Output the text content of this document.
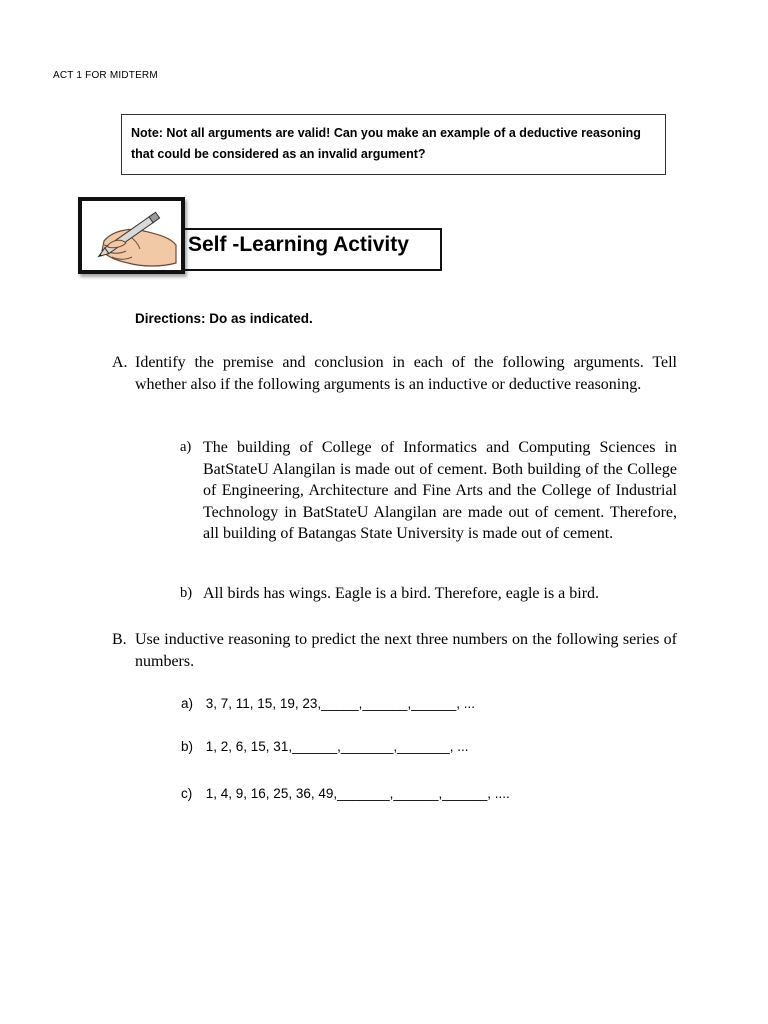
ACT 1 FOR MIDTERM
Note: Not all arguments are valid! Can you make an example of a deductive reasoning
that could be considered as an invalid argument?
Self -Learning Activity
Directions: Do as indicated.
A. Identify the premise and conclusion in each of the following arguments. Tell whether also if the following arguments is an inductive or deductive reasoning.
a) The building of College of Informatics and Computing Sciences in BatStateU Alangilan is made out of cement. Both building of the College of Engineering, Architecture and Fine Arts and the College of Industrial Technology in BatStateU Alangilan are made out of cement. Therefore, all building of Batangas State University is made out of cement.
b) All birds has wings. Eagle is a bird. Therefore, eagle is a bird.
B. Use inductive reasoning to predict the next three numbers on the following series of numbers.
a) 3, 7, 11, 15, 19, 23,_____,______,______, ...
b) 1, 2, 6, 15, 31,______,_______,_______, ...
c) 1, 4, 9, 16, 25, 36, 49,_______,______,______, ....
